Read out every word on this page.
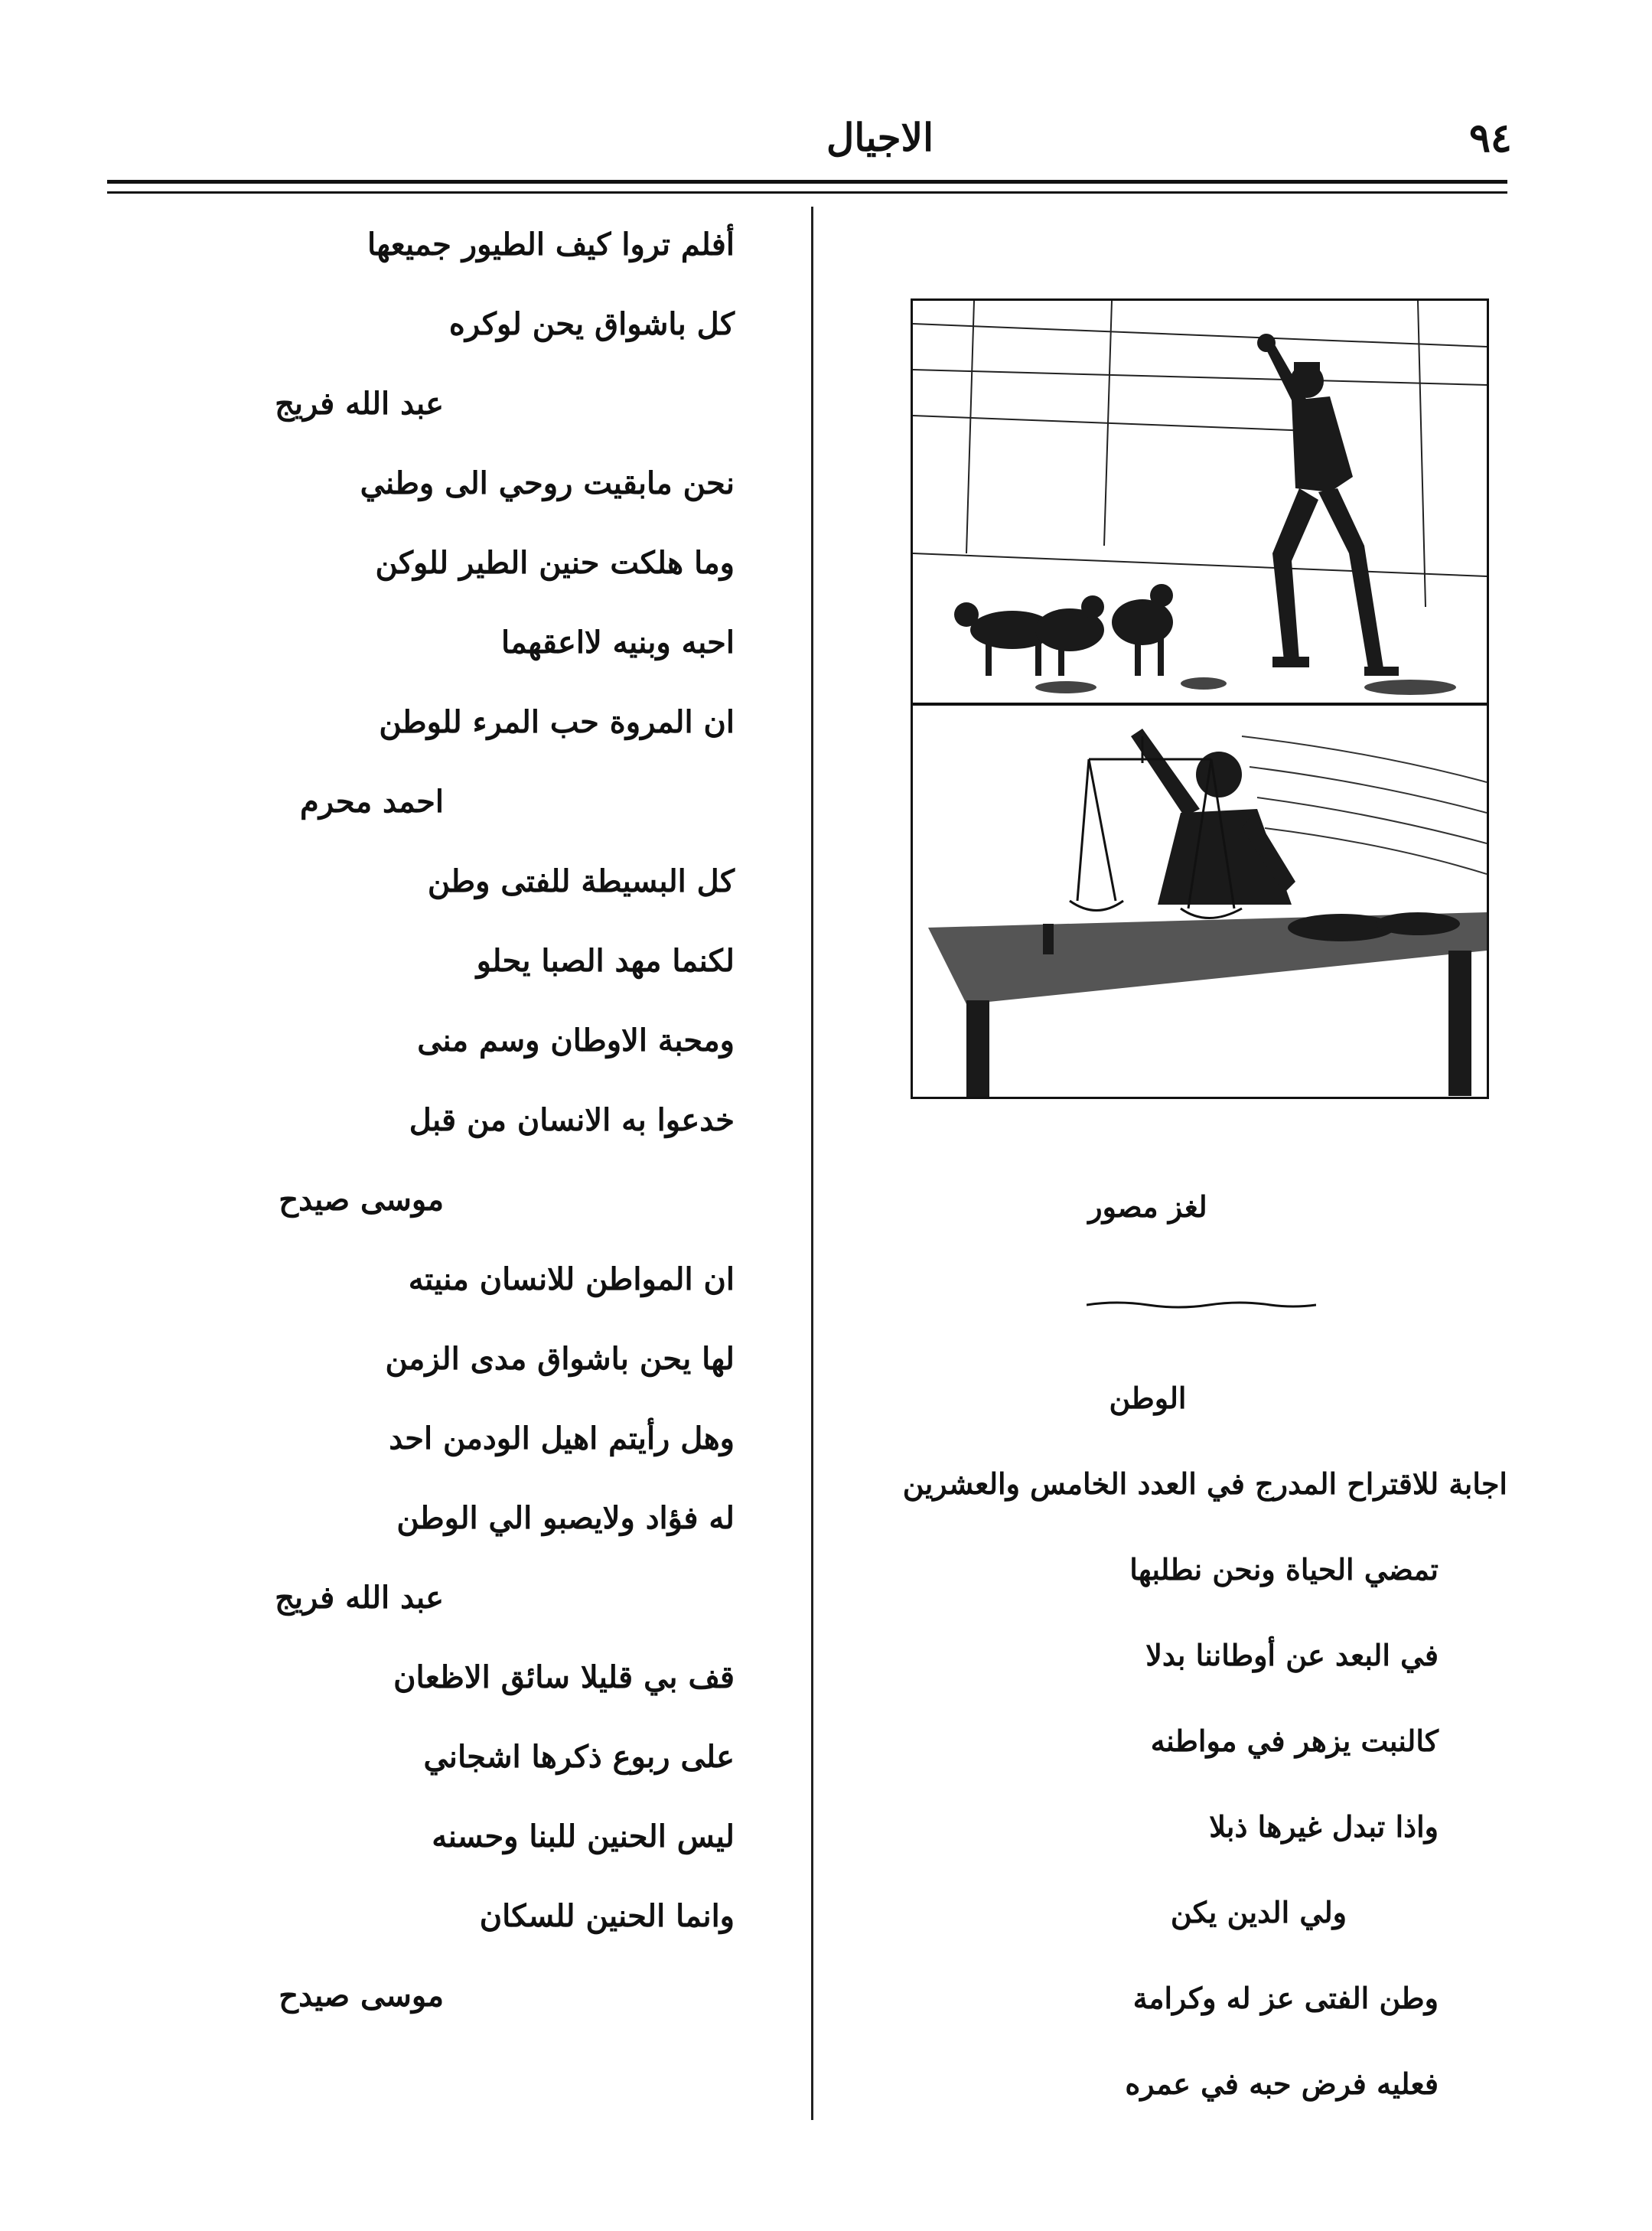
٩٤
الاجيال
أفلم تروا كيف الطيور جميعها
كل باشواق يحن لوكره
عبد الله فريج
نحن مابقيت روحي الى وطني
وما هلكت حنين الطير للوكن
احبه وبنيه لااعقهما
ان المروة حب المرء للوطن
احمد محرم
كل البسيطة للفتى وطن
لكنما مهد الصبا يحلو
ومحبة الاوطان وسم منى
خدعوا به الانسان من قبل
موسى صيدح
ان المواطن للانسان منيته
لها يحن باشواق مدى الزمن
وهل رأيتم اهيل الودمن احد
له فؤاد ولايصبو الي الوطن
عبد الله فريج
قف بي قليلا سائق الاظعان
على ربوع ذكرها اشجاني
ليس الحنين للبنا وحسنه
وانما الحنين للسكان
موسى صيدح
لغز مصور
الوطن
اجابة للاقتراح المدرج في العدد الخامس والعشرين
تمضي الحياة ونحن نطلبها
في البعد عن أوطاننا بدلا
كالنبت يزهر في مواطنه
واذا تبدل غيرها ذبلا
ولي الدين يكن
وطن الفتى عز له وكرامة
فعليه فرض حبه في عمره
